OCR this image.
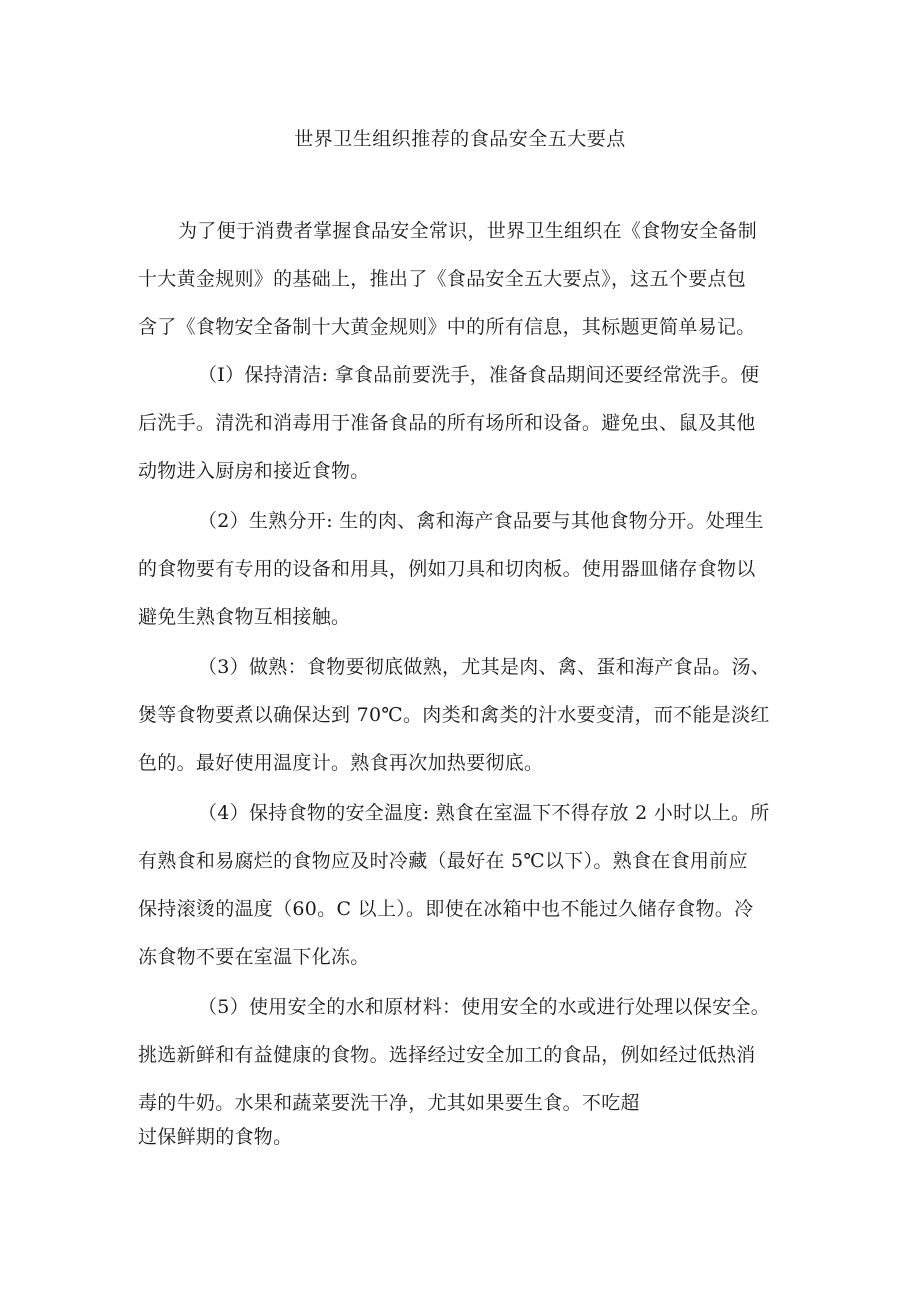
世界卫生组织推荐的食品安全五大要点
为了便于消费者掌握食品安全常识，世界卫生组织在《食物安全备制
十大黄金规则》的基础上，推出了《食品安全五大要点》，这五个要点包
含了《食物安全备制十大黄金规则》中的所有信息，其标题更简单易记。
（I）保持清洁: 拿食品前要洗手，准备食品期间还要经常洗手。便
后洗手。清洗和消毒用于准备食品的所有场所和设备。避免虫、鼠及其他
动物进入厨房和接近食物。
（2）生熟分开: 生的肉、禽和海产食品要与其他食物分开。处理生
的食物要有专用的设备和用具，例如刀具和切肉板。使用器皿储存食物以
避免生熟食物互相接触。
（3）做熟：食物要彻底做熟，尤其是肉、禽、蛋和海产食品。汤、
煲等食物要煮以确保达到 70℃。肉类和禽类的汁水要变清，而不能是淡红
色的。最好使用温度计。熟食再次加热要彻底。
（4）保持食物的安全温度: 熟食在室温下不得存放 2 小时以上。所
有熟食和易腐烂的食物应及时冷藏（最好在 5℃以下）。熟食在食用前应
保持滚烫的温度（60。C 以上）。即使在冰箱中也不能过久储存食物。冷
冻食物不要在室温下化冻。
（5）使用安全的水和原材料：使用安全的水或进行处理以保安全。
挑选新鲜和有益健康的食物。选择经过安全加工的食品，例如经过低热消
毒的牛奶。水果和蔬菜要洗干净，尤其如果要生食。不吃超
过保鲜期的食物。
